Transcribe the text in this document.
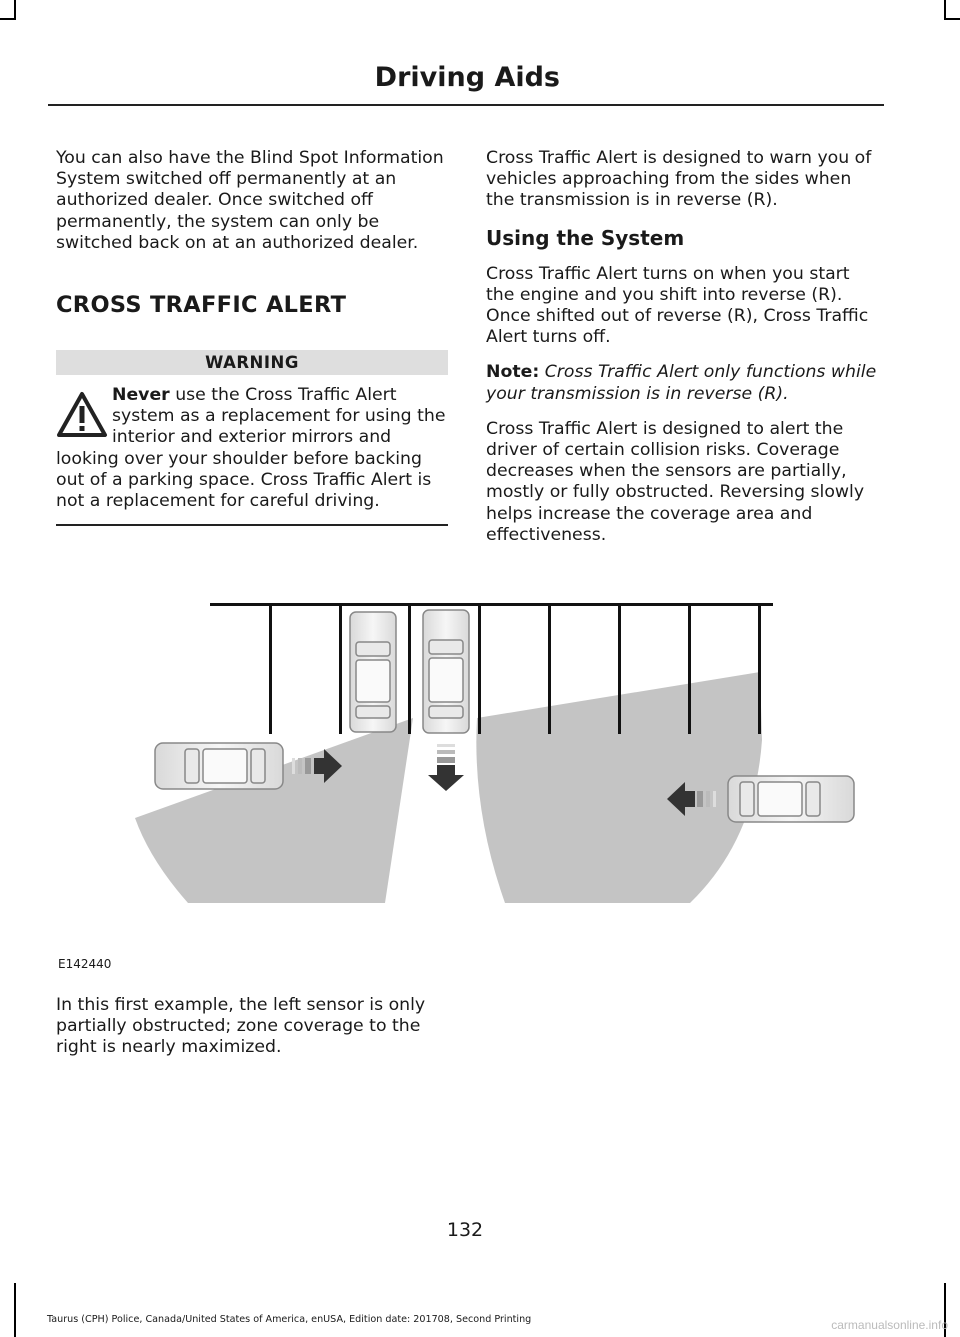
Driving Aids

You can also have the Blind Spot Information System switched off permanently at an authorized dealer. Once switched off permanently, the system can only be switched back on at an authorized dealer.

CROSS TRAFFIC ALERT
WARNING
Never use the Cross Traffic Alert system as a replacement for using the interior and exterior mirrors and looking over your shoulder before backing out of a parking space. Cross Traffic Alert is not a replacement for careful driving.

Cross Traffic Alert is designed to warn you of vehicles approaching from the sides when the transmission is in reverse (R).

Using the System

Cross Traffic Alert turns on when you start the engine and you shift into reverse (R). Once shifted out of reverse (R), Cross Traffic Alert turns off.

Note: Cross Traffic Alert only functions while your transmission is in reverse (R).

Cross Traffic Alert is designed to alert the driver of certain collision risks. Coverage decreases when the sensors are partially, mostly or fully obstructed. Reversing slowly helps increase the coverage area and effectiveness.

E142440

In this first example, the left sensor is only partially obstructed; zone coverage to the right is nearly maximized.

132
Taurus (CPH) Police, Canada/United States of America, enUSA, Edition date: 201708, Second Printing	carmanualsonline.info
